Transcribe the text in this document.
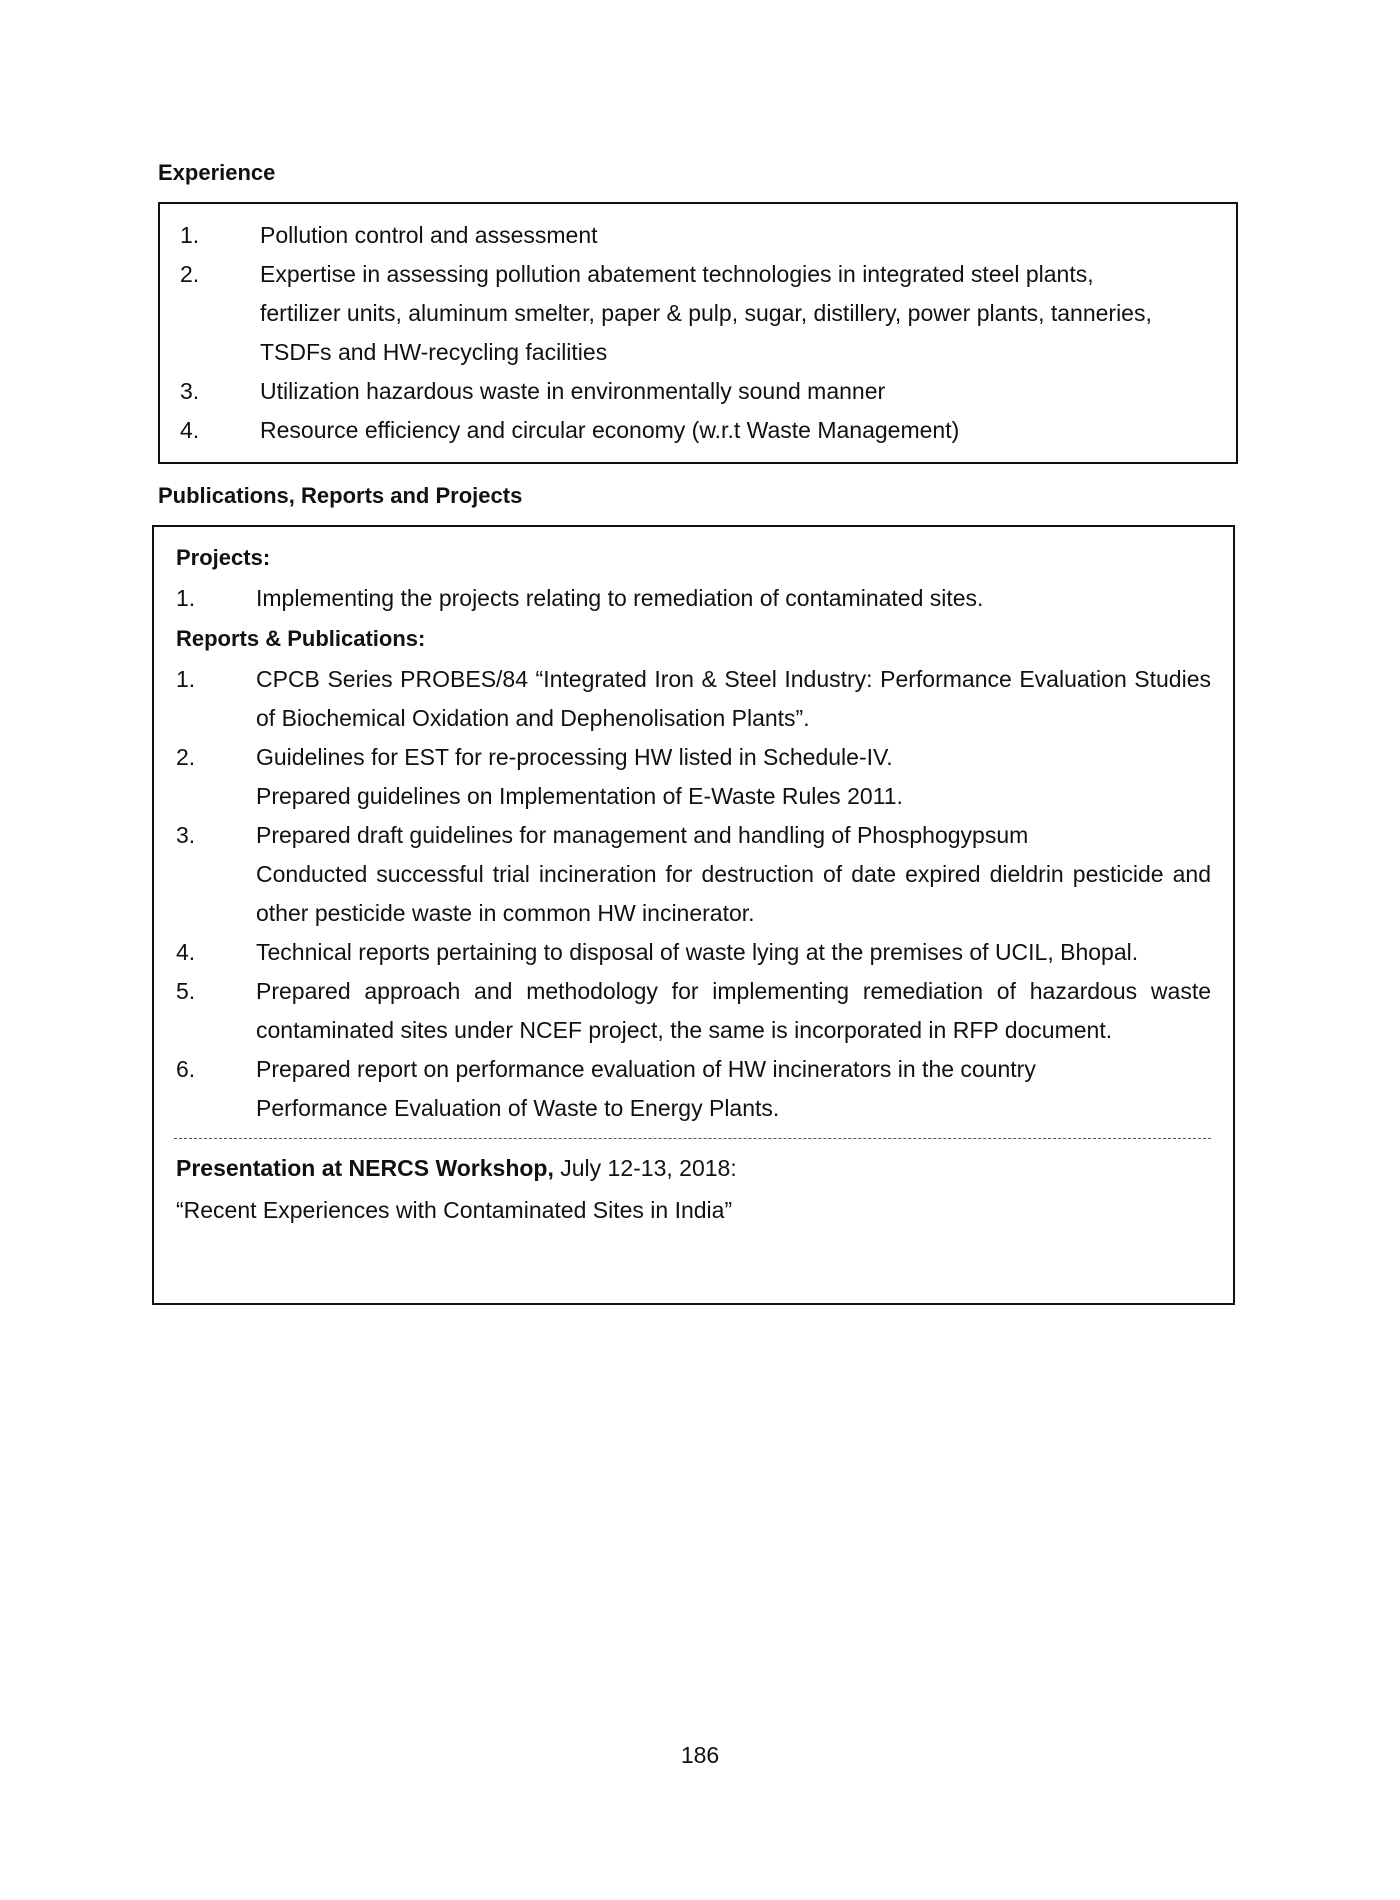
Experience
1.	Pollution control and assessment
2.	Expertise in assessing pollution abatement technologies in integrated steel plants, fertilizer units, aluminum smelter, paper & pulp, sugar, distillery, power plants, tanneries, TSDFs and HW-recycling facilities
3.	Utilization hazardous waste in environmentally sound manner
4.	Resource efficiency and circular economy (w.r.t Waste Management)
Publications, Reports and Projects
Projects:
1.	Implementing the projects relating to remediation of contaminated sites.
Reports & Publications:
1.	CPCB Series PROBES/84 “Integrated Iron & Steel Industry: Performance Evaluation Studies of Biochemical Oxidation and Dephenolisation Plants”.
2.	Guidelines for EST for re-processing HW listed in Schedule-IV.
Prepared guidelines on Implementation of E-Waste Rules 2011.
3.	Prepared draft guidelines for management and handling of Phosphogypsum
Conducted successful trial incineration for destruction of date expired dieldrin pesticide and other pesticide waste in common HW incinerator.
4.	Technical reports pertaining to disposal of waste lying at the premises of UCIL, Bhopal.
5.	Prepared approach and methodology for implementing remediation of hazardous waste contaminated sites under NCEF project, the same is incorporated in RFP document.
6.	Prepared report on performance evaluation of HW incinerators in the country
Performance Evaluation of Waste to Energy Plants.
Presentation at NERCS Workshop, July 12-13, 2018:
“Recent Experiences with Contaminated Sites in India”
186
